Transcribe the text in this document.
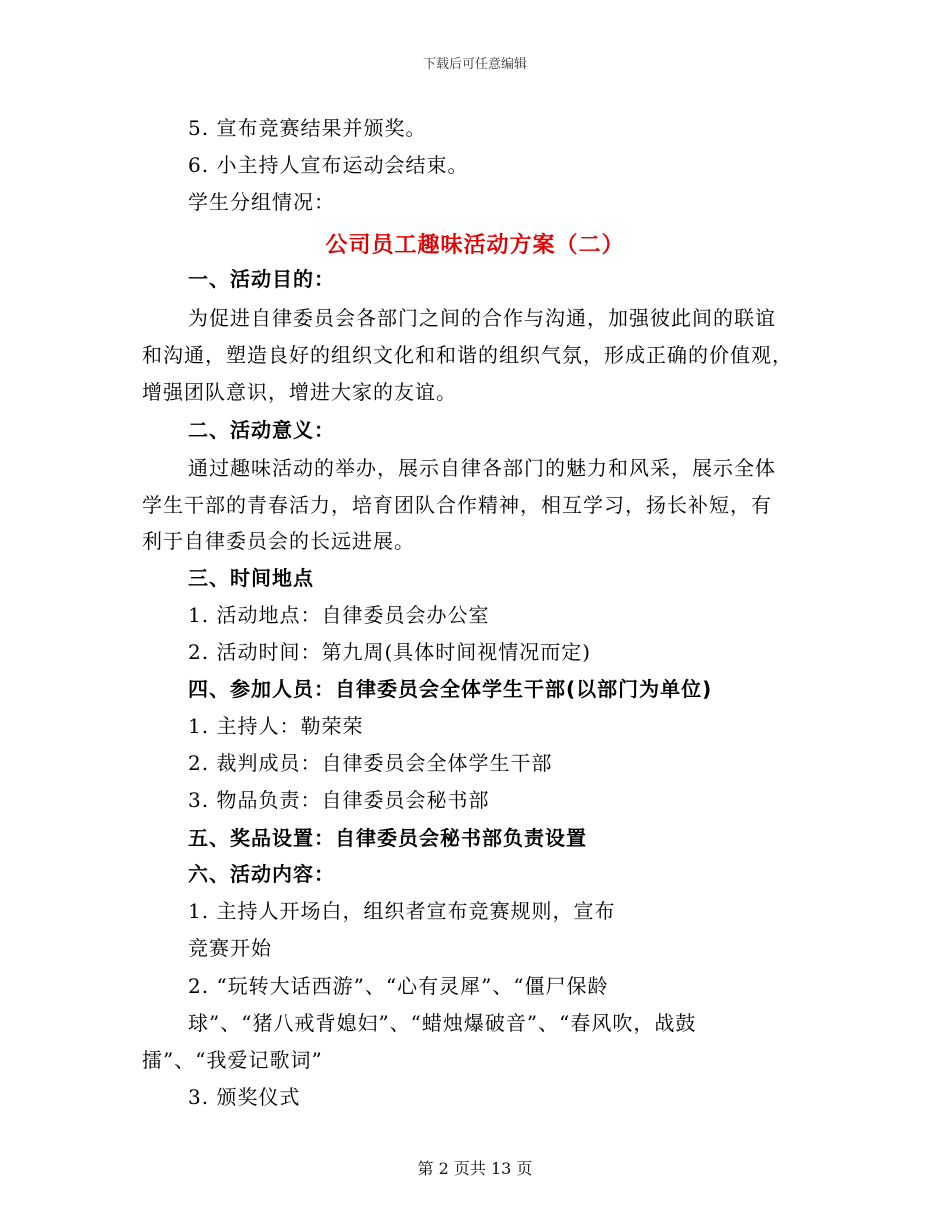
下载后可任意编辑
5. 宣布竞赛结果并颁奖。
6. 小主持人宣布运动会结束。
学生分组情况：
公司员工趣味活动方案（二）
一、活动目的：
为促进自律委员会各部门之间的合作与沟通，加强彼此间的联谊
和沟通，塑造良好的组织文化和和谐的组织气氛，形成正确的价值观，
增强团队意识，增进大家的友谊。
二、活动意义：
通过趣味活动的举办，展示自律各部门的魅力和风采，展示全体
学生干部的青春活力，培育团队合作精神，相互学习，扬长补短，有
利于自律委员会的长远进展。
三、时间地点
1. 活动地点：自律委员会办公室
2. 活动时间：第九周(具体时间视情况而定)
四、参加人员：自律委员会全体学生干部(以部门为单位)
1. 主持人：勒荣荣
2. 裁判成员：自律委员会全体学生干部
3. 物品负责：自律委员会秘书部
五、奖品设置：自律委员会秘书部负责设置
六、活动内容：
1. 主持人开场白，组织者宣布竞赛规则，宣布
竞赛开始
2. “玩转大话西游”、“心有灵犀”、“僵尸保龄
球”、“猪八戒背媳妇”、“蜡烛爆破音”、“春风吹，战鼓
擂”、“我爱记歌词”
3. 颁奖仪式
第 2 页共 13 页
